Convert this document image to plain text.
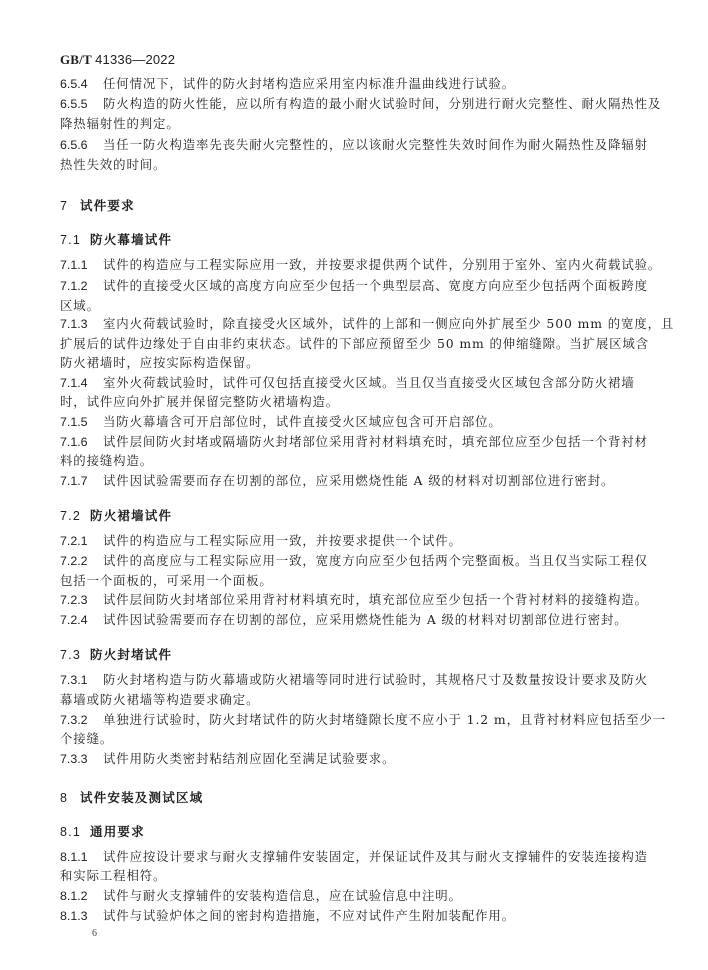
GB/T 41336—2022
6.5.4 任何情况下，试件的防火封堵构造应采用室内标准升温曲线进行试验。
6.5.5 防火构造的防火性能，应以所有构造的最小耐火试验时间，分别进行耐火完整性、耐火隔热性及
降热辐射性的判定。
6.5.6 当任一防火构造率先丧失耐火完整性的，应以该耐火完整性失效时间作为耐火隔热性及降辐射
热性失效的时间。
7 试件要求
7.1 防火幕墙试件
7.1.1 试件的构造应与工程实际应用一致，并按要求提供两个试件，分别用于室外、室内火荷载试验。
7.1.2 试件的直接受火区域的高度方向应至少包括一个典型层高、宽度方向应至少包括两个面板跨度
区域。
7.1.3 室内火荷载试验时，除直接受火区域外，试件的上部和一侧应向外扩展至少 500 mm 的宽度，且
扩展后的试件边缘处于自由非约束状态。试件的下部应预留至少 50 mm 的伸缩缝隙。当扩展区域含
防火裙墙时，应按实际构造保留。
7.1.4 室外火荷载试验时，试件可仅包括直接受火区域。当且仅当直接受火区域包含部分防火裙墙
时，试件应向外扩展并保留完整防火裙墙构造。
7.1.5 当防火幕墙含可开启部位时，试件直接受火区域应包含可开启部位。
7.1.6 试件层间防火封堵或隔墙防火封堵部位采用背衬材料填充时，填充部位应至少包括一个背衬材
料的接缝构造。
7.1.7 试件因试验需要而存在切割的部位，应采用燃烧性能 A 级的材料对切割部位进行密封。
7.2 防火裙墙试件
7.2.1 试件的构造应与工程实际应用一致，并按要求提供一个试件。
7.2.2 试件的高度应与工程实际应用一致，宽度方向应至少包括两个完整面板。当且仅当实际工程仅
包括一个面板的，可采用一个面板。
7.2.3 试件层间防火封堵部位采用背衬材料填充时，填充部位应至少包括一个背衬材料的接缝构造。
7.2.4 试件因试验需要而存在切割的部位，应采用燃烧性能为 A 级的材料对切割部位进行密封。
7.3 防火封堵试件
7.3.1 防火封堵构造与防火幕墙或防火裙墙等同时进行试验时，其规格尺寸及数量按设计要求及防火
幕墙或防火裙墙等构造要求确定。
7.3.2 单独进行试验时，防火封堵试件的防火封堵缝隙长度不应小于 1.2 m，且背衬材料应包括至少一
个接缝。
7.3.3 试件用防火类密封粘结剂应固化至满足试验要求。
8 试件安装及测试区域
8.1 通用要求
8.1.1 试件应按设计要求与耐火支撑辅件安装固定，并保证试件及其与耐火支撑辅件的安装连接构造
和实际工程相符。
8.1.2 试件与耐火支撑辅件的安装构造信息，应在试验信息中注明。
8.1.3 试件与试验炉体之间的密封构造措施，不应对试件产生附加装配作用。
6
